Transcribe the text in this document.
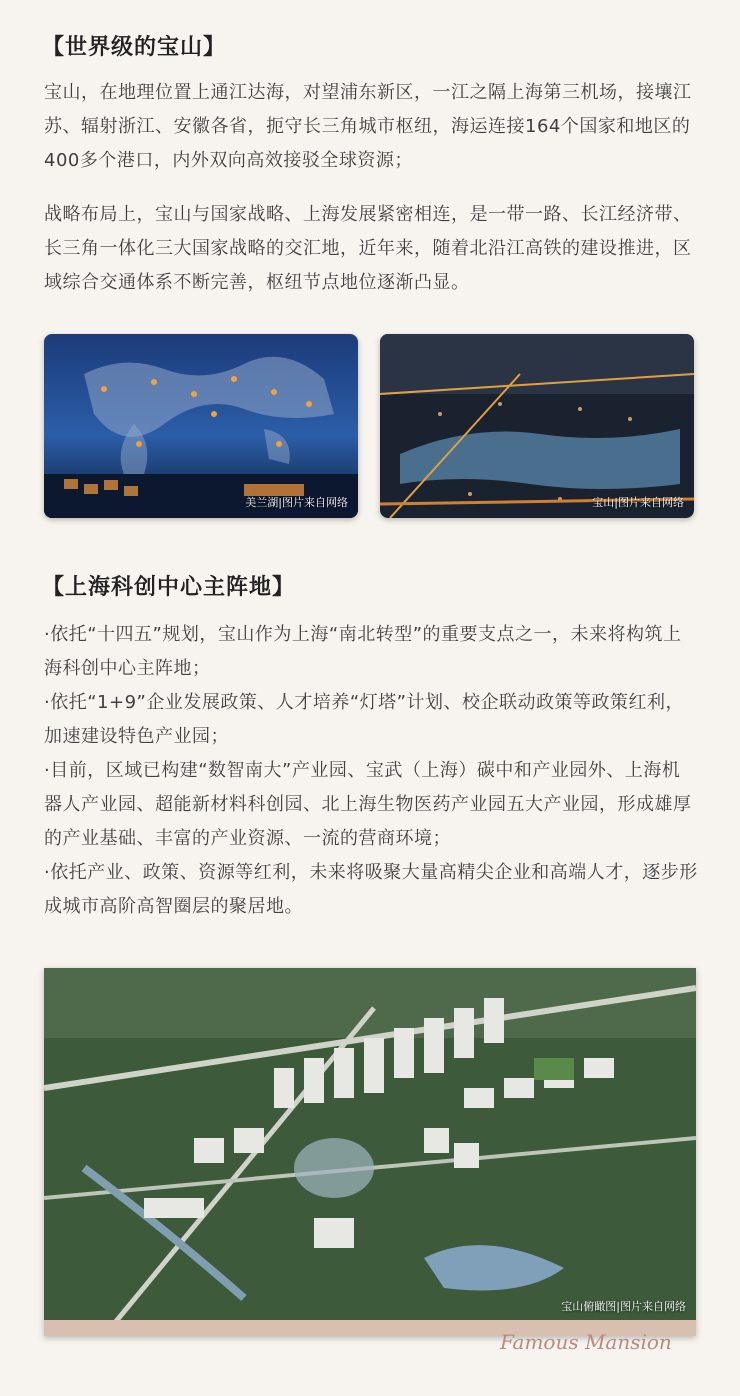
【世界级的宝山】
宝山，在地理位置上通江达海，对望浦东新区，一江之隔上海第三机场，接壤江苏、辐射浙江、安徽各省，扼守长三角城市枢纽，海运连接164个国家和地区的400多个港口，内外双向高效接驳全球资源；
战略布局上，宝山与国家战略、上海发展紧密相连，是一带一路、长江经济带、长三角一体化三大国家战略的交汇地，近年来，随着北沿江高铁的建设推进，区域综合交通体系不断完善，枢纽节点地位逐渐凸显。
美兰湖|图片来自网络	宝山|图片来自网络
【上海科创中心主阵地】
·依托“十四五”规划，宝山作为上海“南北转型”的重要支点之一，未来将构筑上海科创中心主阵地；
·依托“1+9”企业发展政策、人才培养“灯塔”计划、校企联动政策等政策红利，加速建设特色产业园；
·目前，区域已构建“数智南大”产业园、宝武（上海）碳中和产业园外、上海机器人产业园、超能新材料科创园、北上海生物医药产业园五大产业园，形成雄厚的产业基础、丰富的产业资源、一流的营商环境；
·依托产业、政策、资源等红利，未来将吸聚大量高精尖企业和高端人才，逐步形成城市高阶高智圈层的聚居地。
宝山俯瞰图|图片来自网络
Famous Mansion
